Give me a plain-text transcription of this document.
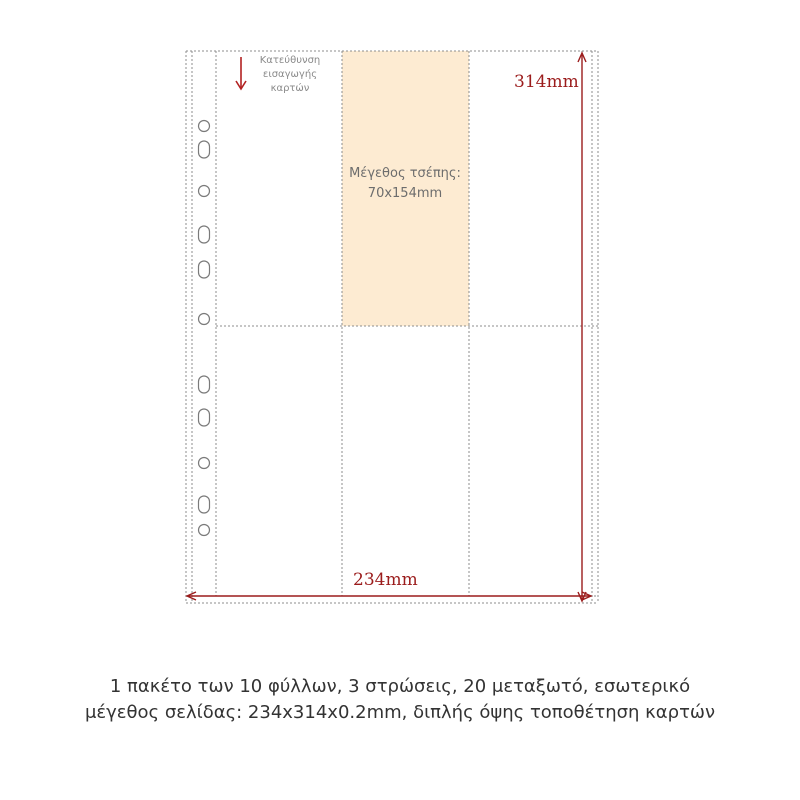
Κατεύθυνση
εισαγωγής
καρτών
Μέγεθος τσέπης:
70x154mm
314mm
234mm
1 πακέτο των 10 φύλλων, 3 στρώσεις, 20 μεταξωτό, εσωτερικό
μέγεθος σελίδας: 234x314x0.2mm, διπλής όψης τοποθέτηση καρτών
